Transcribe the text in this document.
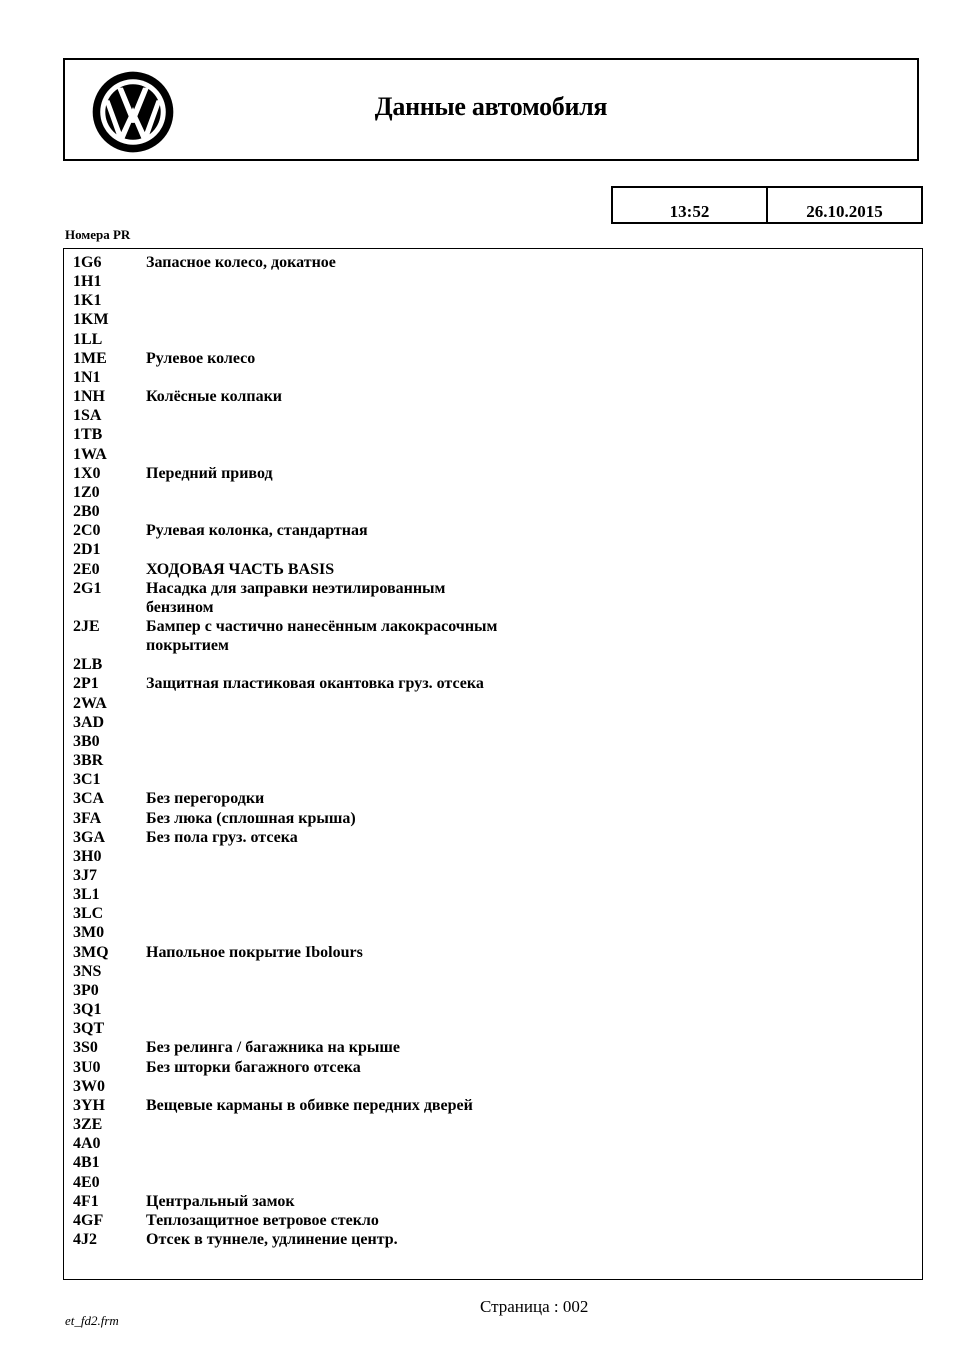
Данные автомобиля
13:52	26.10.2015
Номера PR
1G6	Запасное колесо, докатное
1H1
1K1
1KM
1LL
1ME	Рулевое колесо
1N1
1NH	Колёсные колпаки
1SA
1TB
1WA
1X0	Передний привод
1Z0
2B0
2C0	Рулевая колонка, стандартная
2D1
2E0	ХОДОВАЯ ЧАСТЬ BASIS
2G1	Насадка для заправки неэтилированным бензином
2JE	Бампер с частично нанесённым лакокрасочным покрытием
2LB
2P1	Защитная пластиковая окантовка груз. отсека
2WA
3AD
3B0
3BR
3C1
3CA	Без перегородки
3FA	Без люка (сплошная крыша)
3GA	Без пола груз. отсека
3H0
3J7
3L1
3LC
3M0
3MQ	Напольное покрытие Ibolours
3NS
3P0
3Q1
3QT
3S0	Без релинга / багажника на крыше
3U0	Без шторки багажного отсека
3W0
3YH	Вещевые карманы в обивке передних дверей
3ZE
4A0
4B1
4E0
4F1	Центральный замок
4GF	Теплозащитное ветровое стекло
4J2	Отсек в туннеле, удлинение центр.
Страница : 002
et_fd2.frm
